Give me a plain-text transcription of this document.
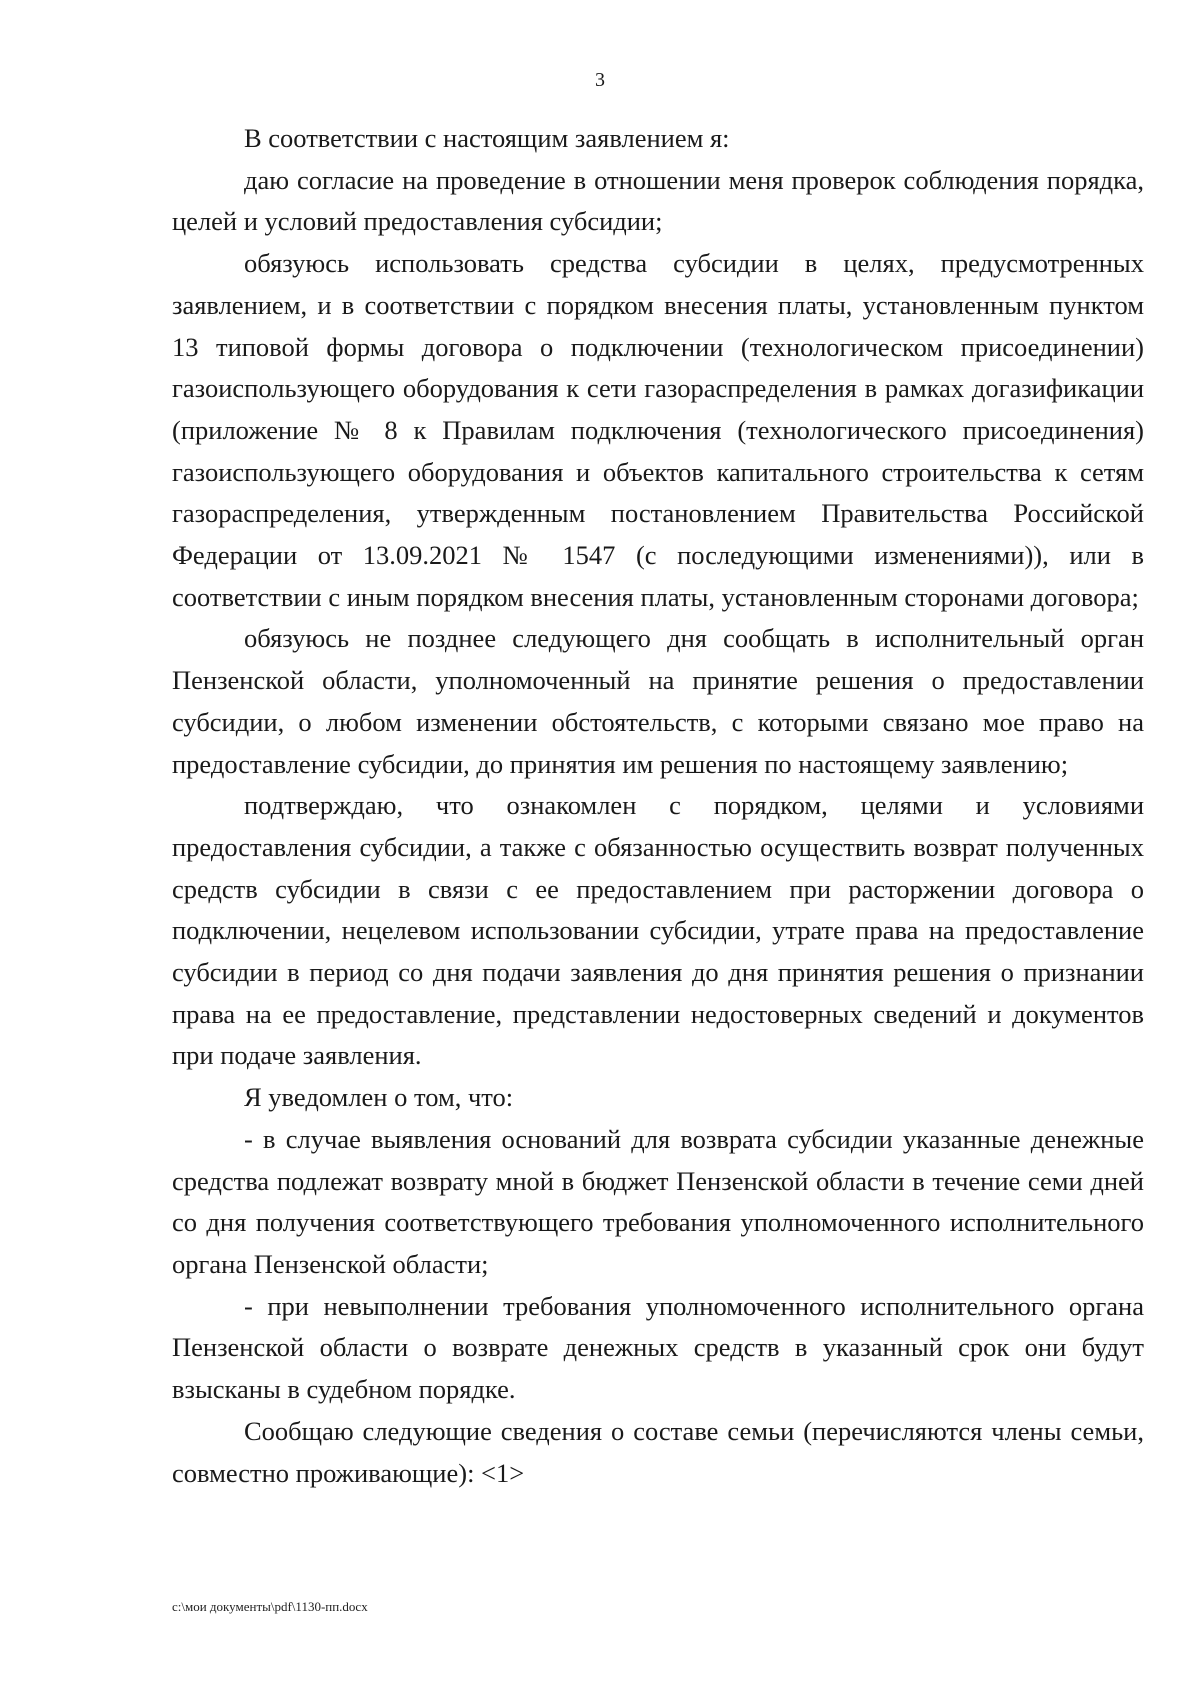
3

В соответствии с настоящим заявлением я:

даю согласие на проведение в отношении меня проверок соблюдения порядка, целей и условий предоставления субсидии;

обязуюсь использовать средства субсидии в целях, предусмотренных заявлением, и в соответствии с порядком внесения платы, установленным пунктом 13 типовой формы договора о подключении (технологическом присоединении) газоиспользующего оборудования к сети газораспределения в рамках догазификации (приложение № 8 к Правилам подключения (технологического присоединения) газоиспользующего оборудования и объектов капитального строительства к сетям газораспределения, утвержденным постановлением Правительства Российской Федерации от 13.09.2021 № 1547 (с последующими изменениями)), или в соответствии с иным порядком внесения платы, установленным сторонами договора;

обязуюсь не позднее следующего дня сообщать в исполнительный орган Пензенской области, уполномоченный на принятие решения о предоставлении субсидии, о любом изменении обстоятельств, с которыми связано мое право на предоставление субсидии, до принятия им решения по настоящему заявлению;

подтверждаю, что ознакомлен с порядком, целями и условиями предоставления субсидии, а также с обязанностью осуществить возврат полученных средств субсидии в связи с ее предоставлением при расторжении договора о подключении, нецелевом использовании субсидии, утрате права на предоставление субсидии в период со дня подачи заявления до дня принятия решения о признании права на ее предоставление, представлении недостоверных сведений и документов при подаче заявления.

Я уведомлен о том, что:

- в случае выявления оснований для возврата субсидии указанные денежные средства подлежат возврату мной в бюджет Пензенской области в течение семи дней со дня получения соответствующего требования уполномоченного исполнительного органа Пензенской области;

- при невыполнении требования уполномоченного исполнительного органа Пензенской области о возврате денежных средств в указанный срок они будут взысканы в судебном порядке.

Сообщаю следующие сведения о составе семьи (перечисляются члены семьи, совместно проживающие): <1>

c:\мои документы\pdf\1130-пп.docx
